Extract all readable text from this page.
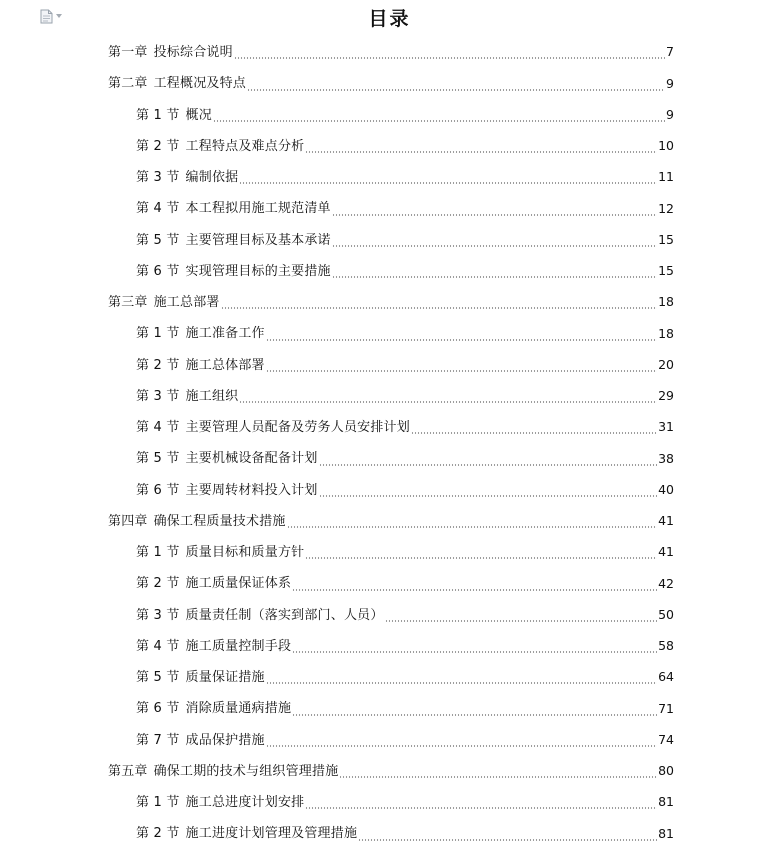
目录
第一章 投标综合说明	7
第二章 工程概况及特点	9
第 1 节 概况	9
第 2 节 工程特点及难点分析	10
第 3 节 编制依据	11
第 4 节 本工程拟用施工规范清单	12
第 5 节 主要管理目标及基本承诺	15
第 6 节 实现管理目标的主要措施	15
第三章 施工总部署	18
第 1 节 施工准备工作	18
第 2 节 施工总体部署	20
第 3 节 施工组织	29
第 4 节 主要管理人员配备及劳务人员安排计划	31
第 5 节 主要机械设备配备计划	38
第 6 节 主要周转材料投入计划	40
第四章 确保工程质量技术措施	41
第 1 节 质量目标和质量方针	41
第 2 节 施工质量保证体系	42
第 3 节 质量责任制（落实到部门、人员）	50
第 4 节 施工质量控制手段	58
第 5 节 质量保证措施	64
第 6 节 消除质量通病措施	71
第 7 节 成品保护措施	74
第五章 确保工期的技术与组织管理措施	80
第 1 节 施工总进度计划安排	81
第 2 节 施工进度计划管理及管理措施	81
